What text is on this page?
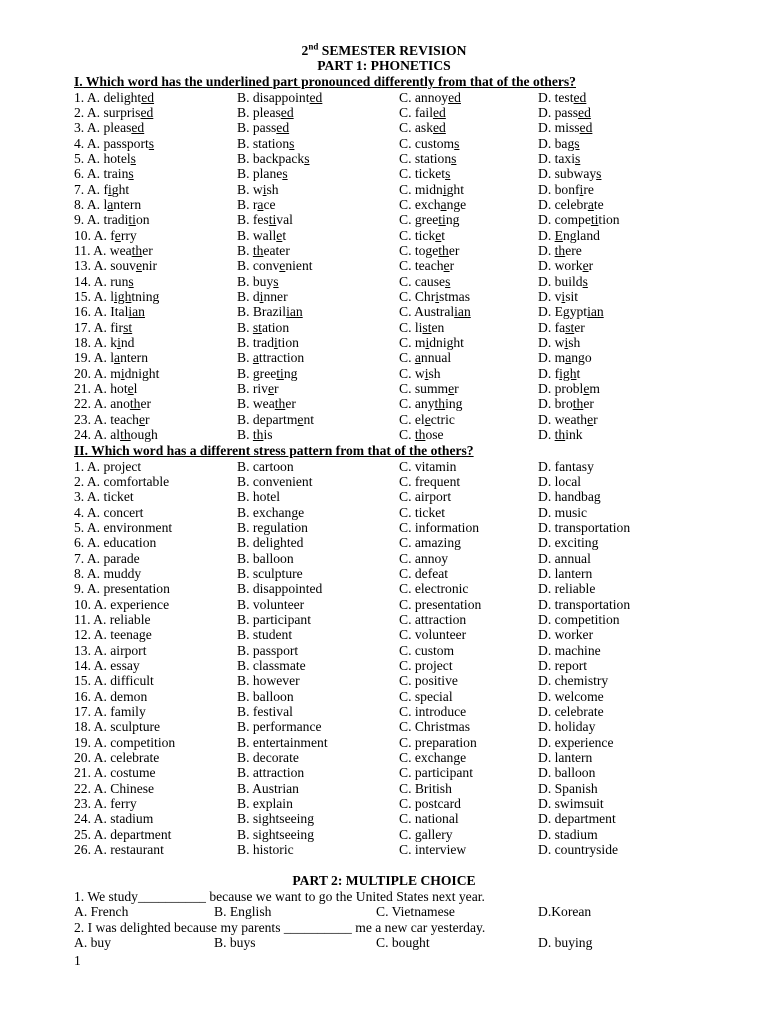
2nd SEMESTER REVISION
PART 1: PHONETICS
I. Which word has the underlined part pronounced differently from that of the others?
1. A. delighted	B. disappointed	C. annoyed	D. tested
2. A. surprised	B. pleased	C. failed	D. passed
3. A. pleased	B. passed	C. asked	D. missed
4. A. passports	B. stations	C. customs	D. bags
5. A. hotels	B. backpacks	C. stations	D. taxis
6. A. trains	B. planes	C. tickets	D. subways
7. A. fight	B. wish	C. midnight	D. bonfire
8. A. lantern	B. race	C. exchange	D. celebrate
9. A. tradition	B. festival	C. greeting	D. competition
10. A. ferry	B. wallet	C. ticket	D. England
11. A. weather	B. theater	C. together	D. there
13. A. souvenir	B. convenient	C. teacher	D. worker
14. A. runs	B. buys	C. causes	D. builds
15. A. lightning	B. dinner	C. Christmas	D. visit
16. A. Italian	B. Brazilian	C. Australian	D. Egyptian
17. A. first	B. station	C. listen	D. faster
18. A. kind	B. tradition	C. midnight	D. wish
19. A. lantern	B. attraction	C. annual	D. mango
20. A. midnight	B. greeting	C. wish	D. fight
21. A. hotel	B. river	C. summer	D. problem
22. A. another	B. weather	C. anything	D. brother
23. A. teacher	B. department	C. electric	D. weather
24. A. although	B. this	C. those	D. think
II. Which word has a different stress pattern from that of the others?
1. A. project	B. cartoon	C. vitamin	D. fantasy
2. A. comfortable	B. convenient	C. frequent	D. local
3. A. ticket	B. hotel	C. airport	D. handbag
4. A. concert	B. exchange	C. ticket	D. music
5. A. environment	B. regulation	C. information	D. transportation
6. A. education	B. delighted	C. amazing	D. exciting
7. A. parade	B. balloon	C. annoy	D. annual
8. A. muddy	B. sculpture	C. defeat	D. lantern
9. A. presentation	B. disappointed	C. electronic	D. reliable
10. A. experience	B. volunteer	C. presentation	D. transportation
11. A. reliable	B. participant	C. attraction	D. competition
12. A. teenage	B. student	C. volunteer	D. worker
13. A. airport	B. passport	C. custom	D. machine
14. A. essay	B. classmate	C. project	D. report
15. A. difficult	B. however	C. positive	D. chemistry
16. A. demon	B. balloon	C. special	D. welcome
17. A. family	B. festival	C. introduce	D. celebrate
18. A. sculpture	B. performance	C. Christmas	D. holiday
19. A. competition	B. entertainment	C. preparation	D. experience
20. A. celebrate	B. decorate	C. exchange	D. lantern
21. A. costume	B. attraction	C. participant	D. balloon
22. A. Chinese	B. Austrian	C. British	D. Spanish
23. A. ferry	B. explain	C. postcard	D. swimsuit
24. A. stadium	B. sightseeing	C. national	D. department
25. A. department	B. sightseeing	C. gallery	D. stadium
26. A. restaurant	B. historic	C. interview	D. countryside
PART 2: MULTIPLE CHOICE
1. We study__________ because we want to go the United States next year.
A. French	B. English	C. Vietnamese	D.Korean
2. I was delighted because my parents __________ me a new car yesterday.
A. buy	B. buys	C. bought	D. buying
1
